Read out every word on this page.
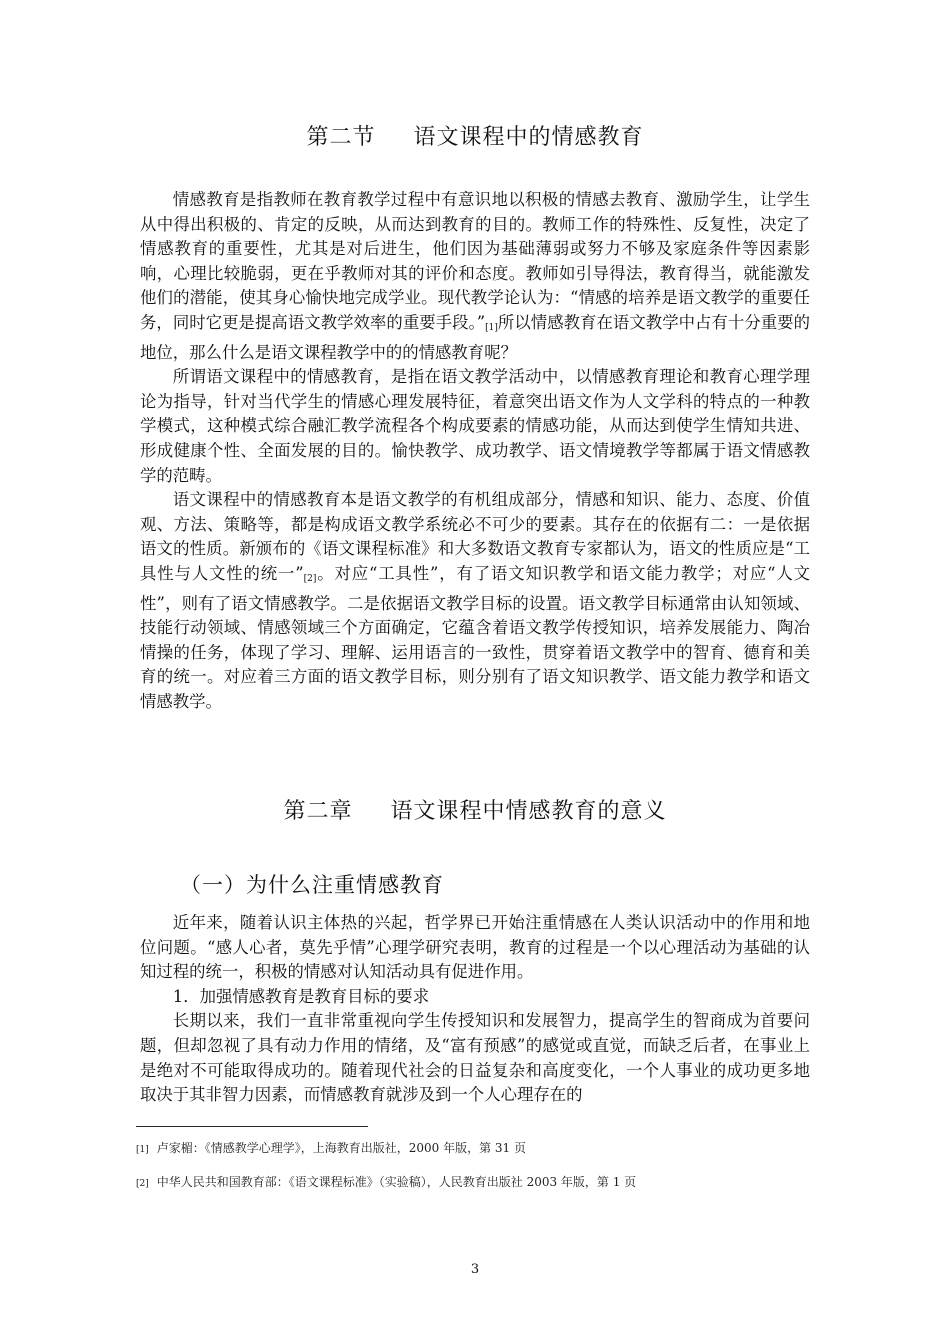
第二节 语文课程中的情感教育

情感教育是指教师在教育教学过程中有意识地以积极的情感去教育、激励学生，让学生从中得出积极的、肯定的反映，从而达到教育的目的。教师工作的特殊性、反复性，决定了情感教育的重要性，尤其是对后进生，他们因为基础薄弱或努力不够及家庭条件等因素影响，心理比较脆弱，更在乎教师对其的评价和态度。教师如引导得法，教育得当，就能激发他们的潜能，使其身心愉快地完成学业。现代教学论认为：“情感的培养是语文教学的重要任务，同时它更是提高语文教学效率的重要手段。”[1]所以情感教育在语文教学中占有十分重要的地位，那么什么是语文课程教学中的的情感教育呢？

所谓语文课程中的情感教育，是指在语文教学活动中，以情感教育理论和教育心理学理论为指导，针对当代学生的情感心理发展特征，着意突出语文作为人文学科的特点的一种教学模式，这种模式综合融汇教学流程各个构成要素的情感功能，从而达到使学生情知共进、形成健康个性、全面发展的目的。愉快教学、成功教学、语文情境教学等都属于语文情感教学的范畴。

语文课程中的情感教育本是语文教学的有机组成部分，情感和知识、能力、态度、价值观、方法、策略等，都是构成语文教学系统必不可少的要素。其存在的依据有二：一是依据语文的性质。新颁布的《语文课程标准》和大多数语文教育专家都认为，语文的性质应是“工具性与人文性的统一”[2]。对应“工具性”，有了语文知识教学和语文能力教学；对应“人文性”，则有了语文情感教学。二是依据语文教学目标的设置。语文教学目标通常由认知领域、技能行动领域、情感领域三个方面确定，它蕴含着语文教学传授知识，培养发展能力、陶冶情操的任务，体现了学习、理解、运用语言的一致性，贯穿着语文教学中的智育、德育和美育的统一。对应着三方面的语文教学目标，则分别有了语文知识教学、语文能力教学和语文情感教学。

第二章 语文课程中情感教育的意义
（一）为什么注重情感教育

近年来，随着认识主体热的兴起，哲学界已开始注重情感在人类认识活动中的作用和地位问题。“感人心者，莫先乎情”心理学研究表明，教育的过程是一个以心理活动为基础的认知过程的统一，积极的情感对认知活动具有促进作用。

1．加强情感教育是教育目标的要求

长期以来，我们一直非常重视向学生传授知识和发展智力，提高学生的智商成为首要问题，但却忽视了具有动力作用的情绪，及“富有预感”的感觉或直觉，而缺乏后者，在事业上是绝对不可能取得成功的。随着现代社会的日益复杂和高度变化，一个人事业的成功更多地取决于其非智力因素，而情感教育就涉及到一个人心理存在的

[1] 卢家楣：《情感教学心理学》，上海教育出版社，2000 年版，第 31 页
[2] 中华人民共和国教育部：《语文课程标准》（实验稿），人民教育出版社 2003 年版，第 1 页
3
